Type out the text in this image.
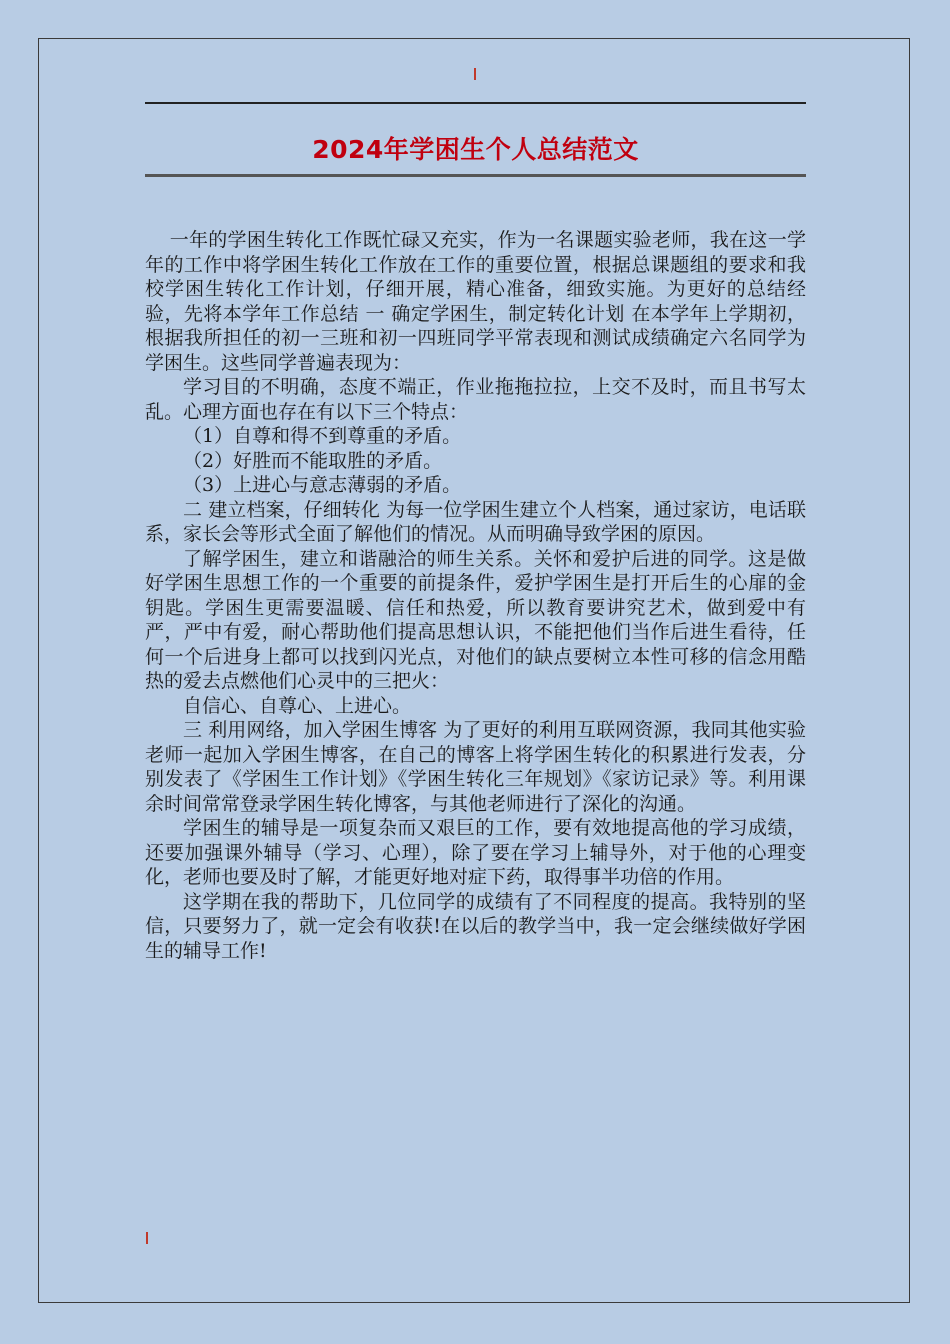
2024年学困生个人总结范文

一年的学困生转化工作既忙碌又充实，作为一名课题实验老师，我在这一学年的工作中将学困生转化工作放在工作的重要位置，根据总课题组的要求和我校学困生转化工作计划，仔细开展，精心准备，细致实施。为更好的总结经验，先将本学年工作总结 一 确定学困生，制定转化计划 在本学年上学期初，根据我所担任的初一三班和初一四班同学平常表现和测试成绩确定六名同学为学困生。这些同学普遍表现为：

学习目的不明确，态度不端正，作业拖拖拉拉，上交不及时，而且书写太乱。心理方面也存在有以下三个特点：

（1）自尊和得不到尊重的矛盾。

（2）好胜而不能取胜的矛盾。

（3）上进心与意志薄弱的矛盾。

二 建立档案，仔细转化 为每一位学困生建立个人档案，通过家访，电话联系，家长会等形式全面了解他们的情况。从而明确导致学困的原因。

了解学困生，建立和谐融洽的师生关系。关怀和爱护后进的同学。这是做好学困生思想工作的一个重要的前提条件，爱护学困生是打开后生的心扉的金钥匙。学困生更需要温暖、信任和热爱，所以教育要讲究艺术，做到爱中有严，严中有爱，耐心帮助他们提高思想认识，不能把他们当作后进生看待，任何一个后进身上都可以找到闪光点，对他们的缺点要树立本性可移的信念用酷热的爱去点燃他们心灵中的三把火：

自信心、自尊心、上进心。

三 利用网络，加入学困生博客 为了更好的利用互联网资源，我同其他实验老师一起加入学困生博客，在自己的博客上将学困生转化的积累进行发表，分别发表了《学困生工作计划》《学困生转化三年规划》《家访记录》等。利用课余时间常常登录学困生转化博客，与其他老师进行了深化的沟通。

学困生的辅导是一项复杂而又艰巨的工作，要有效地提高他的学习成绩，还要加强课外辅导（学习、心理），除了要在学习上辅导外，对于他的心理变化，老师也要及时了解，才能更好地对症下药，取得事半功倍的作用。

这学期在我的帮助下，几位同学的成绩有了不同程度的提高。我特别的坚信，只要努力了，就一定会有收获!在以后的教学当中，我一定会继续做好学困生的辅导工作!
